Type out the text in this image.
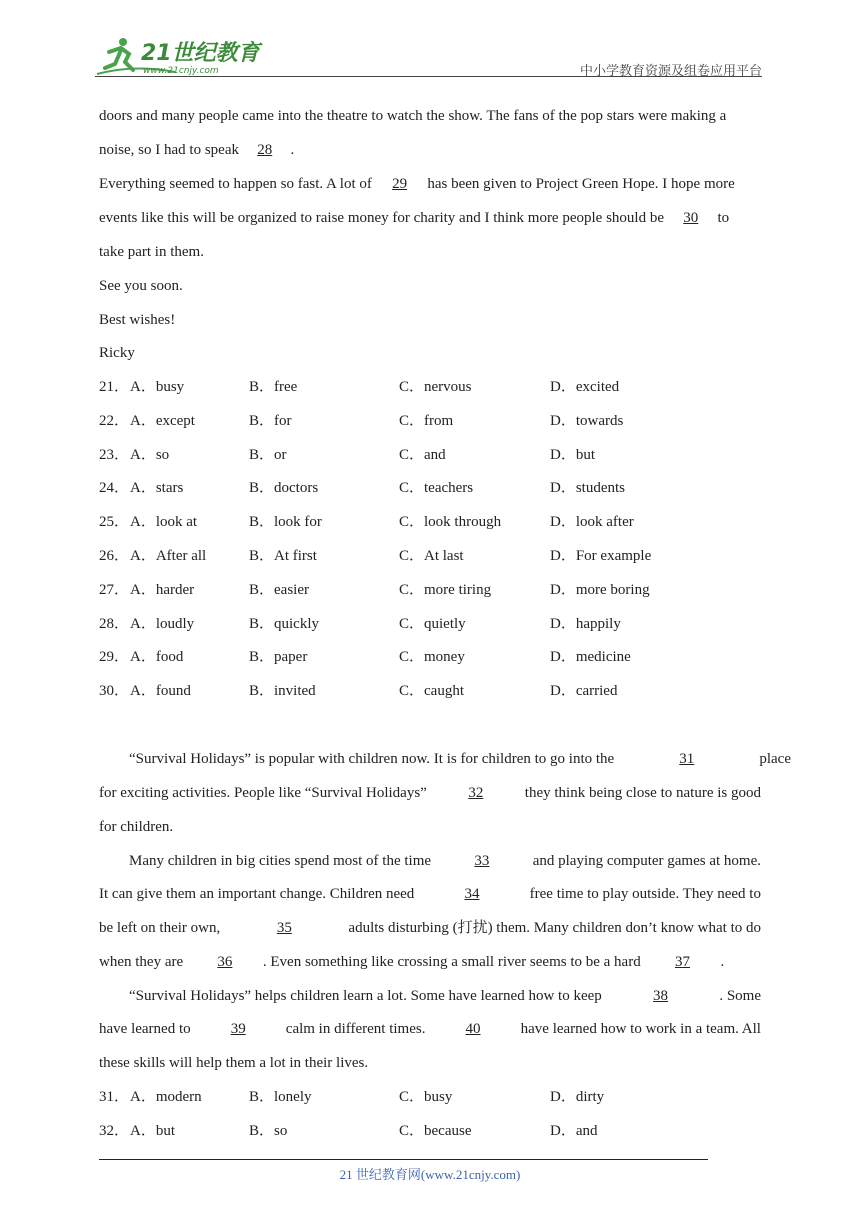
21世纪教育
www.21cnjy.com	中小学教育资源及组卷应用平台
doors and many people came into the theatre to watch the show. The fans of the pop stars were making a
noise, so I had to speak 28 .
Everything seemed to happen so fast. A lot of 29 has been given to Project Green Hope. I hope more
events like this will be organized to raise money for charity and I think more people should be 30 to
take part in them.
See you soon.
Best wishes!
Ricky
21． A．busy	B．free	C．nervous	D．excited
22． A．except	B．for	C．from	D．towards
23． A．so	B．or	C．and	D．but
24． A．stars	B．doctors	C．teachers	D．students
25． A．look at	B．look for	C．look through	D．look after
26． A．After all	B．At first	C．At last	D．For example
27． A．harder	B．easier	C．more tiring	D．more boring
28． A．loudly	B．quickly	C．quietly	D．happily
29． A．food	B．paper	C．money	D．medicine
30． A．found	B．invited	C．caught	D．carried
“Survival Holidays” is popular with children now. It is for children to go into the	31	place
for exciting activities. People like “Survival Holidays”	32	they think being close to nature is good
for children.
Many children in big cities spend most of the time	33	and playing computer games at home.
It can give them an important change. Children need	34	free time to play outside. They need to
be left on their own,	35	adults disturbing (打扰) them. Many children don’t know what to do
when they are 36 . Even something like crossing a small river seems to be a hard 37 .
“Survival Holidays” helps children learn a lot. Some have learned how to keep	38	. Some
have learned to	39	calm in different times.	40	have learned how to work in a team. All
these skills will help them a lot in their lives.
31． A．modern	B．lonely	C．busy	D．dirty
32． A．but	B．so	C．because	D．and
21 世纪教育网(www.21cnjy.com)
